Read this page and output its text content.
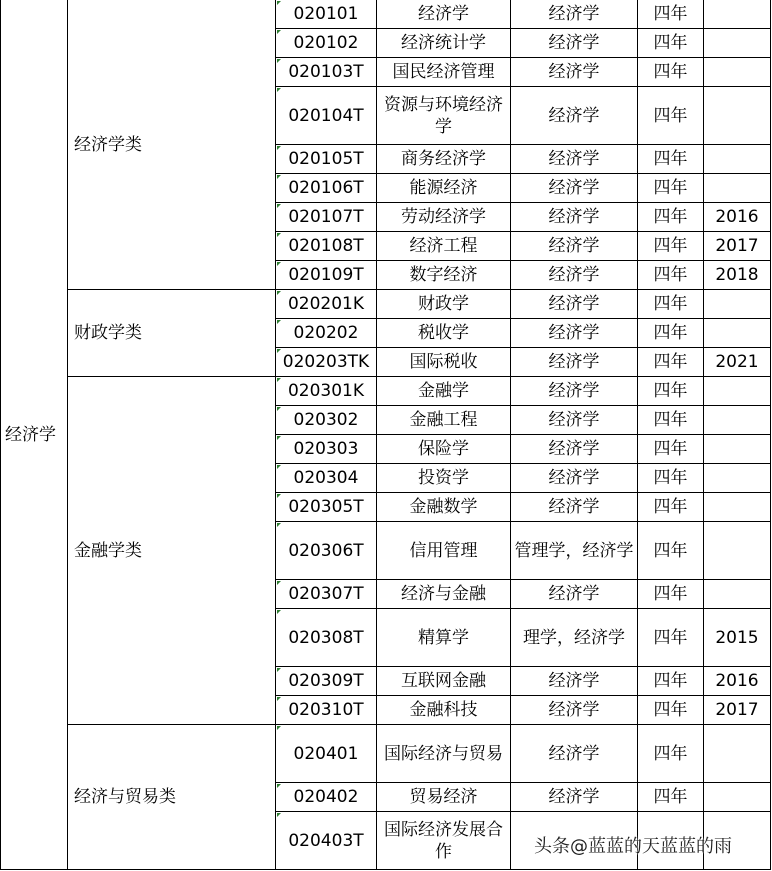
经济学	经济学类	020101	经济学	经济学	四年	
		020102	经济统计学	经济学	四年	
		020103T	国民经济管理	经济学	四年	
		020104T	资源与环境经济学	经济学	四年	
		020105T	商务经济学	经济学	四年	
		020106T	能源经济	经济学	四年	
		020107T	劳动经济学	经济学	四年	2016
		020108T	经济工程	经济学	四年	2017
		020109T	数字经济	经济学	四年	2018
	财政学类	020201K	财政学	经济学	四年	
		020202	税收学	经济学	四年	
		020203TK	国际税收	经济学	四年	2021
	金融学类	020301K	金融学	经济学	四年	
		020302	金融工程	经济学	四年	
		020303	保险学	经济学	四年	
		020304	投资学	经济学	四年	
		020305T	金融数学	经济学	四年	
		020306T	信用管理	管理学，经济学	四年	
		020307T	经济与金融	经济学	四年	
		020308T	精算学	理学，经济学	四年	2015
		020309T	互联网金融	经济学	四年	2016
		020310T	金融科技	经济学	四年	2017
	经济与贸易类	020401	国际经济与贸易	经济学	四年	
		020402	贸易经济	经济学	四年	
		020403T	国际经济发展合作				头条@蓝蓝的天蓝蓝的雨
